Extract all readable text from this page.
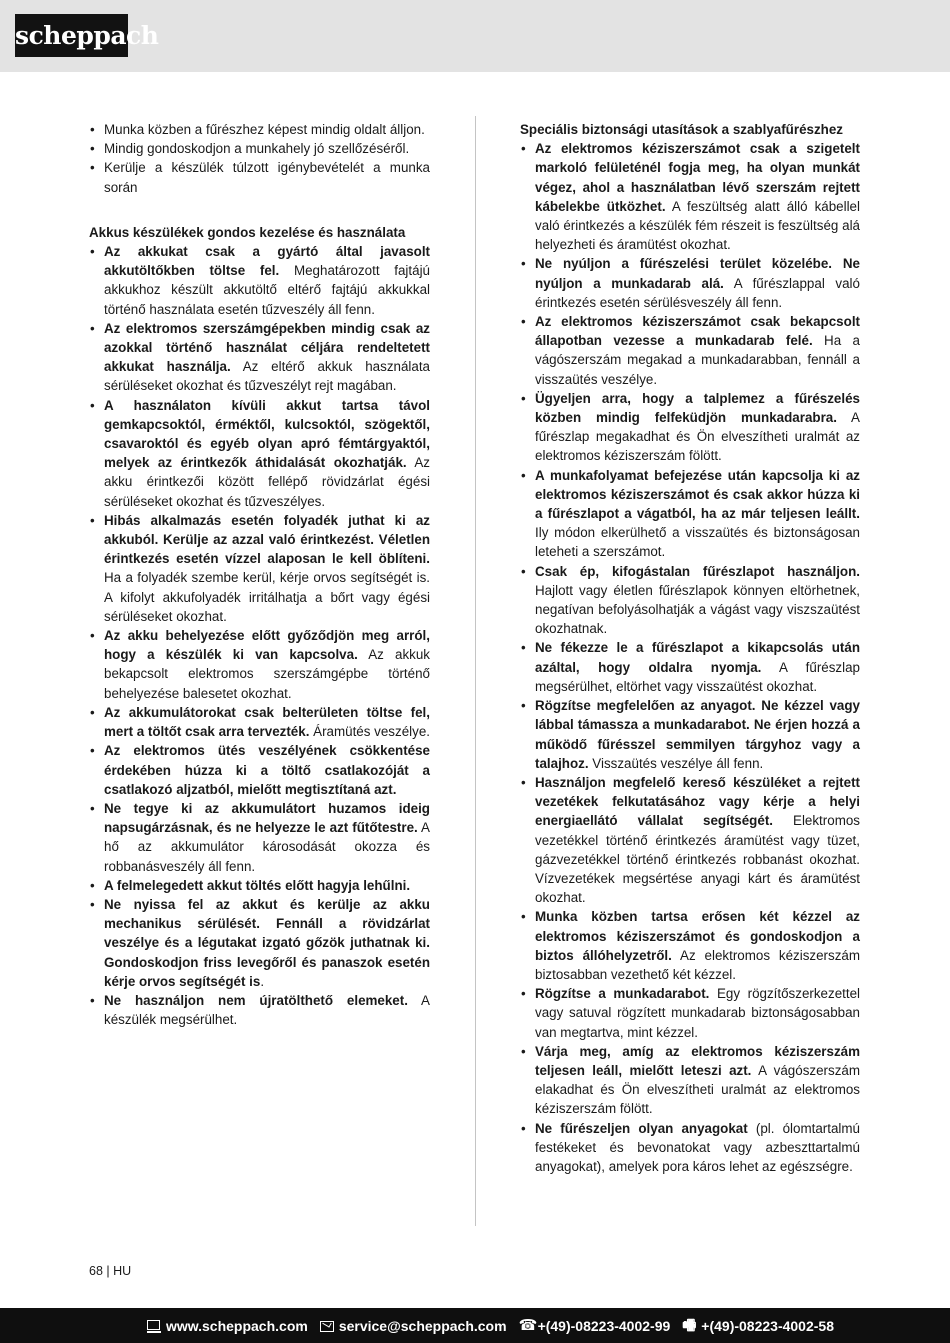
scheppach
• Munka közben a fűrészhez képest mindig oldalt álljon.
• Mindig gondoskodjon a munkahely jó szellőzéséről.
• Kerülje a készülék túlzott igénybevételét a munka során
Akkus készülékek gondos kezelése és használata
• Az akkukat csak a gyártó által javasolt akkutöltőkben töltse fel. Meghatározott fajtájú akkukhoz készült akkutöltő eltérő fajtájú akkukkal történő használata esetén tűzveszély áll fenn.
• Az elektromos szerszámgépekben mindig csak az azokkal történő használat céljára rendeltetett akkukat használja. Az eltérő akkuk használata sérüléseket okozhat és tűzveszélyt rejt magában.
• A használaton kívüli akkut tartsa távol gemkapcsoktól, érméktől, kulcsoktól, szögektől, csavaroktól és egyéb olyan apró fémtárgyaktól, melyek az érintkezők áthidalását okozhatják. Az akku érintkezői között fellépő rövidzárlat égési sérüléseket okozhat és tűzveszélyes.
• Hibás alkalmazás esetén folyadék juthat ki az akkuból. Kerülje az azzal való érintkezést. Véletlen érintkezés esetén vízzel alaposan le kell öblíteni. Ha a folyadék szembe kerül, kérje orvos segítségét is. A kifolyt akkufolyadék irritálhatja a bőrt vagy égési sérüléseket okozhat.
• Az akku behelyezése előtt győződjön meg arról, hogy a készülék ki van kapcsolva. Az akkuk bekapcsolt elektromos szerszámgépbe történő behelyezése balesetet okozhat.
• Az akkumulátorokat csak belterületen töltse fel, mert a töltőt csak arra tervezték. Áramütés veszélye.
• Az elektromos ütés veszélyének csökkentése érdekében húzza ki a töltő csatlakozóját a csatlakozó aljzatból, mielőtt megtisztítaná azt.
• Ne tegye ki az akkumulátort huzamos ideig napsugárzásnak, és ne helyezze le azt fűtőtestre. A hő az akkumulátor károsodását okozza és robbanásveszély áll fenn.
• A felmelegedett akkut töltés előtt hagyja lehűlni.
• Ne nyissa fel az akkut és kerülje az akku mechanikus sérülését. Fennáll a rövidzárlat veszélye és a légutakat izgató gőzök juthatnak ki. Gondoskodjon friss levegőről és panaszok esetén kérje orvos segítségét is.
• Ne használjon nem újratölthető elemeket. A készülék megsérülhet.
Speciális biztonsági utasítások a szablyafűrészhez
• Az elektromos kéziszerszámot csak a szigetelt markoló felületénél fogja meg, ha olyan munkát végez, ahol a használatban lévő szerszám rejtett kábelekbe ütközhet. A feszültség alatt álló kábellel való érintkezés a készülék fém részeit is feszültség alá helyezheti és áramütést okozhat.
• Ne nyúljon a fűrészelési terület közelébe. Ne nyúljon a munkadarab alá. A fűrészlappal való érintkezés esetén sérülésveszély áll fenn.
• Az elektromos kéziszerszámot csak bekapcsolt állapotban vezesse a munkadarab felé. Ha a vágószerszám megakad a munkadarabban, fennáll a visszaütés veszélye.
• Ügyeljen arra, hogy a talplemez a fűrészelés közben mindig felfeküdjön munkadarabra. A fűrészlap megakadhat és Ön elveszítheti uralmát az elektromos kéziszerszám fölött.
• A munkafolyamat befejezése után kapcsolja ki az elektromos kéziszerszámot és csak akkor húzza ki a fűrészlapot a vágatból, ha az már teljesen leállt. Ily módon elkerülhető a visszaütés és biztonságosan leteheti a szerszámot.
• Csak ép, kifogástalan fűrészlapot használjon. Hajlott vagy életlen fűrészlapok könnyen eltörhetnek, negatívan befolyásolhatják a vágást vagy viszszaütést okozhatnak.
• Ne fékezze le a fűrészlapot a kikapcsolás után azáltal, hogy oldalra nyomja. A fűrészlap megsérülhet, eltörhet vagy visszaütést okozhat.
• Rögzítse megfelelően az anyagot. Ne kézzel vagy lábbal támassza a munkadarabot. Ne érjen hozzá a működő fűrésszel semmilyen tárgyhoz vagy a talajhoz. Visszaütés veszélye áll fenn.
• Használjon megfelelő kereső készüléket a rejtett vezetékek felkutatásához vagy kérje a helyi energiaellátó vállalat segítségét. Elektromos vezetékkel történő érintkezés áramütést vagy tüzet, gázvezetékkel történő érintkezés robbanást okozhat. Vízvezetékek megsértése anyagi kárt és áramütést okozhat.
• Munka közben tartsa erősen két kézzel az elektromos kéziszerszámot és gondoskodjon a biztos állóhelyzetről. Az elektromos kéziszerszám biztosabban vezethető két kézzel.
• Rögzítse a munkadarabot. Egy rögzítőszerkezettel vagy satuval rögzített munkadarab biztonságosabban van megtartva, mint kézzel.
• Várja meg, amíg az elektromos kéziszerszám teljesen leáll, mielőtt leteszi azt. A vágószerszám elakadhat és Ön elveszítheti uralmát az elektromos kéziszerszám fölött.
• Ne fűrészeljen olyan anyagokat (pl. ólomtartalmú festékeket és bevonatokat vagy azbeszttartalmú anyagokat), amelyek pora káros lehet az egészségre.
68 | HU
www.scheppach.com service@scheppach.com ☎ +(49)-08223-4002-99 🖷 +(49)-08223-4002-58
